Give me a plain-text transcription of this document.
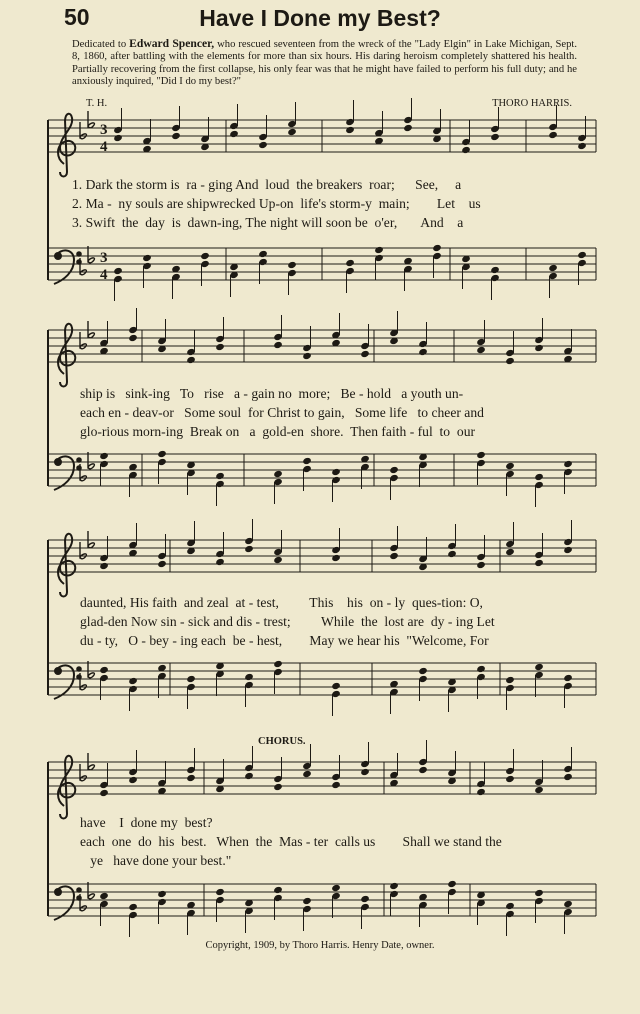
50	Have I Done my Best?
Dedicated to Edward Spencer, who rescued seventeen from the wreck of the "Lady Elgin" in Lake Michigan, Sept. 8, 1860, after battling with the elements for more than six hours. His daring heroism completely shattered his health. Partially recovering from the first collapse, his only fear was that he might have failed to perform his full duty; and he anxiously inquired, "Did I do my best?"
T. H.	THORO HARRIS.
3
4
3
4
1. Dark the storm is  ra - ging And  loud  the breakers  roar;      See,     a
2. Ma -  ny souls are shipwrecked Up-on  life's storm-y  main;        Let    us
3. Swift  the  day  is  dawn-ing, The night will soon be  o'er,       And    a
ship is   sink-ing   To   rise   a - gain no  more;   Be - hold   a youth un-
each en - deav-or   Some soul  for Christ to gain,   Some life   to cheer and
glo-rious morn-ing  Break on   a  gold-en  shore.  Then faith - ful  to  our
daunted, His faith  and zeal  at - test,         This    his  on - ly  ques-tion: O,
glad-den Now sin - sick and dis - trest;         While  the  lost are  dy - ing Let
du - ty,   O - bey - ing each  be - hest,        May we hear his  "Welcome, For
CHORUS.
have    I  done my  best?
each  one  do  his  best.   When  the  Mas - ter  calls us        Shall we stand the
ye   have done your best."
Copyright, 1909, by Thoro Harris. Henry Date, owner.
